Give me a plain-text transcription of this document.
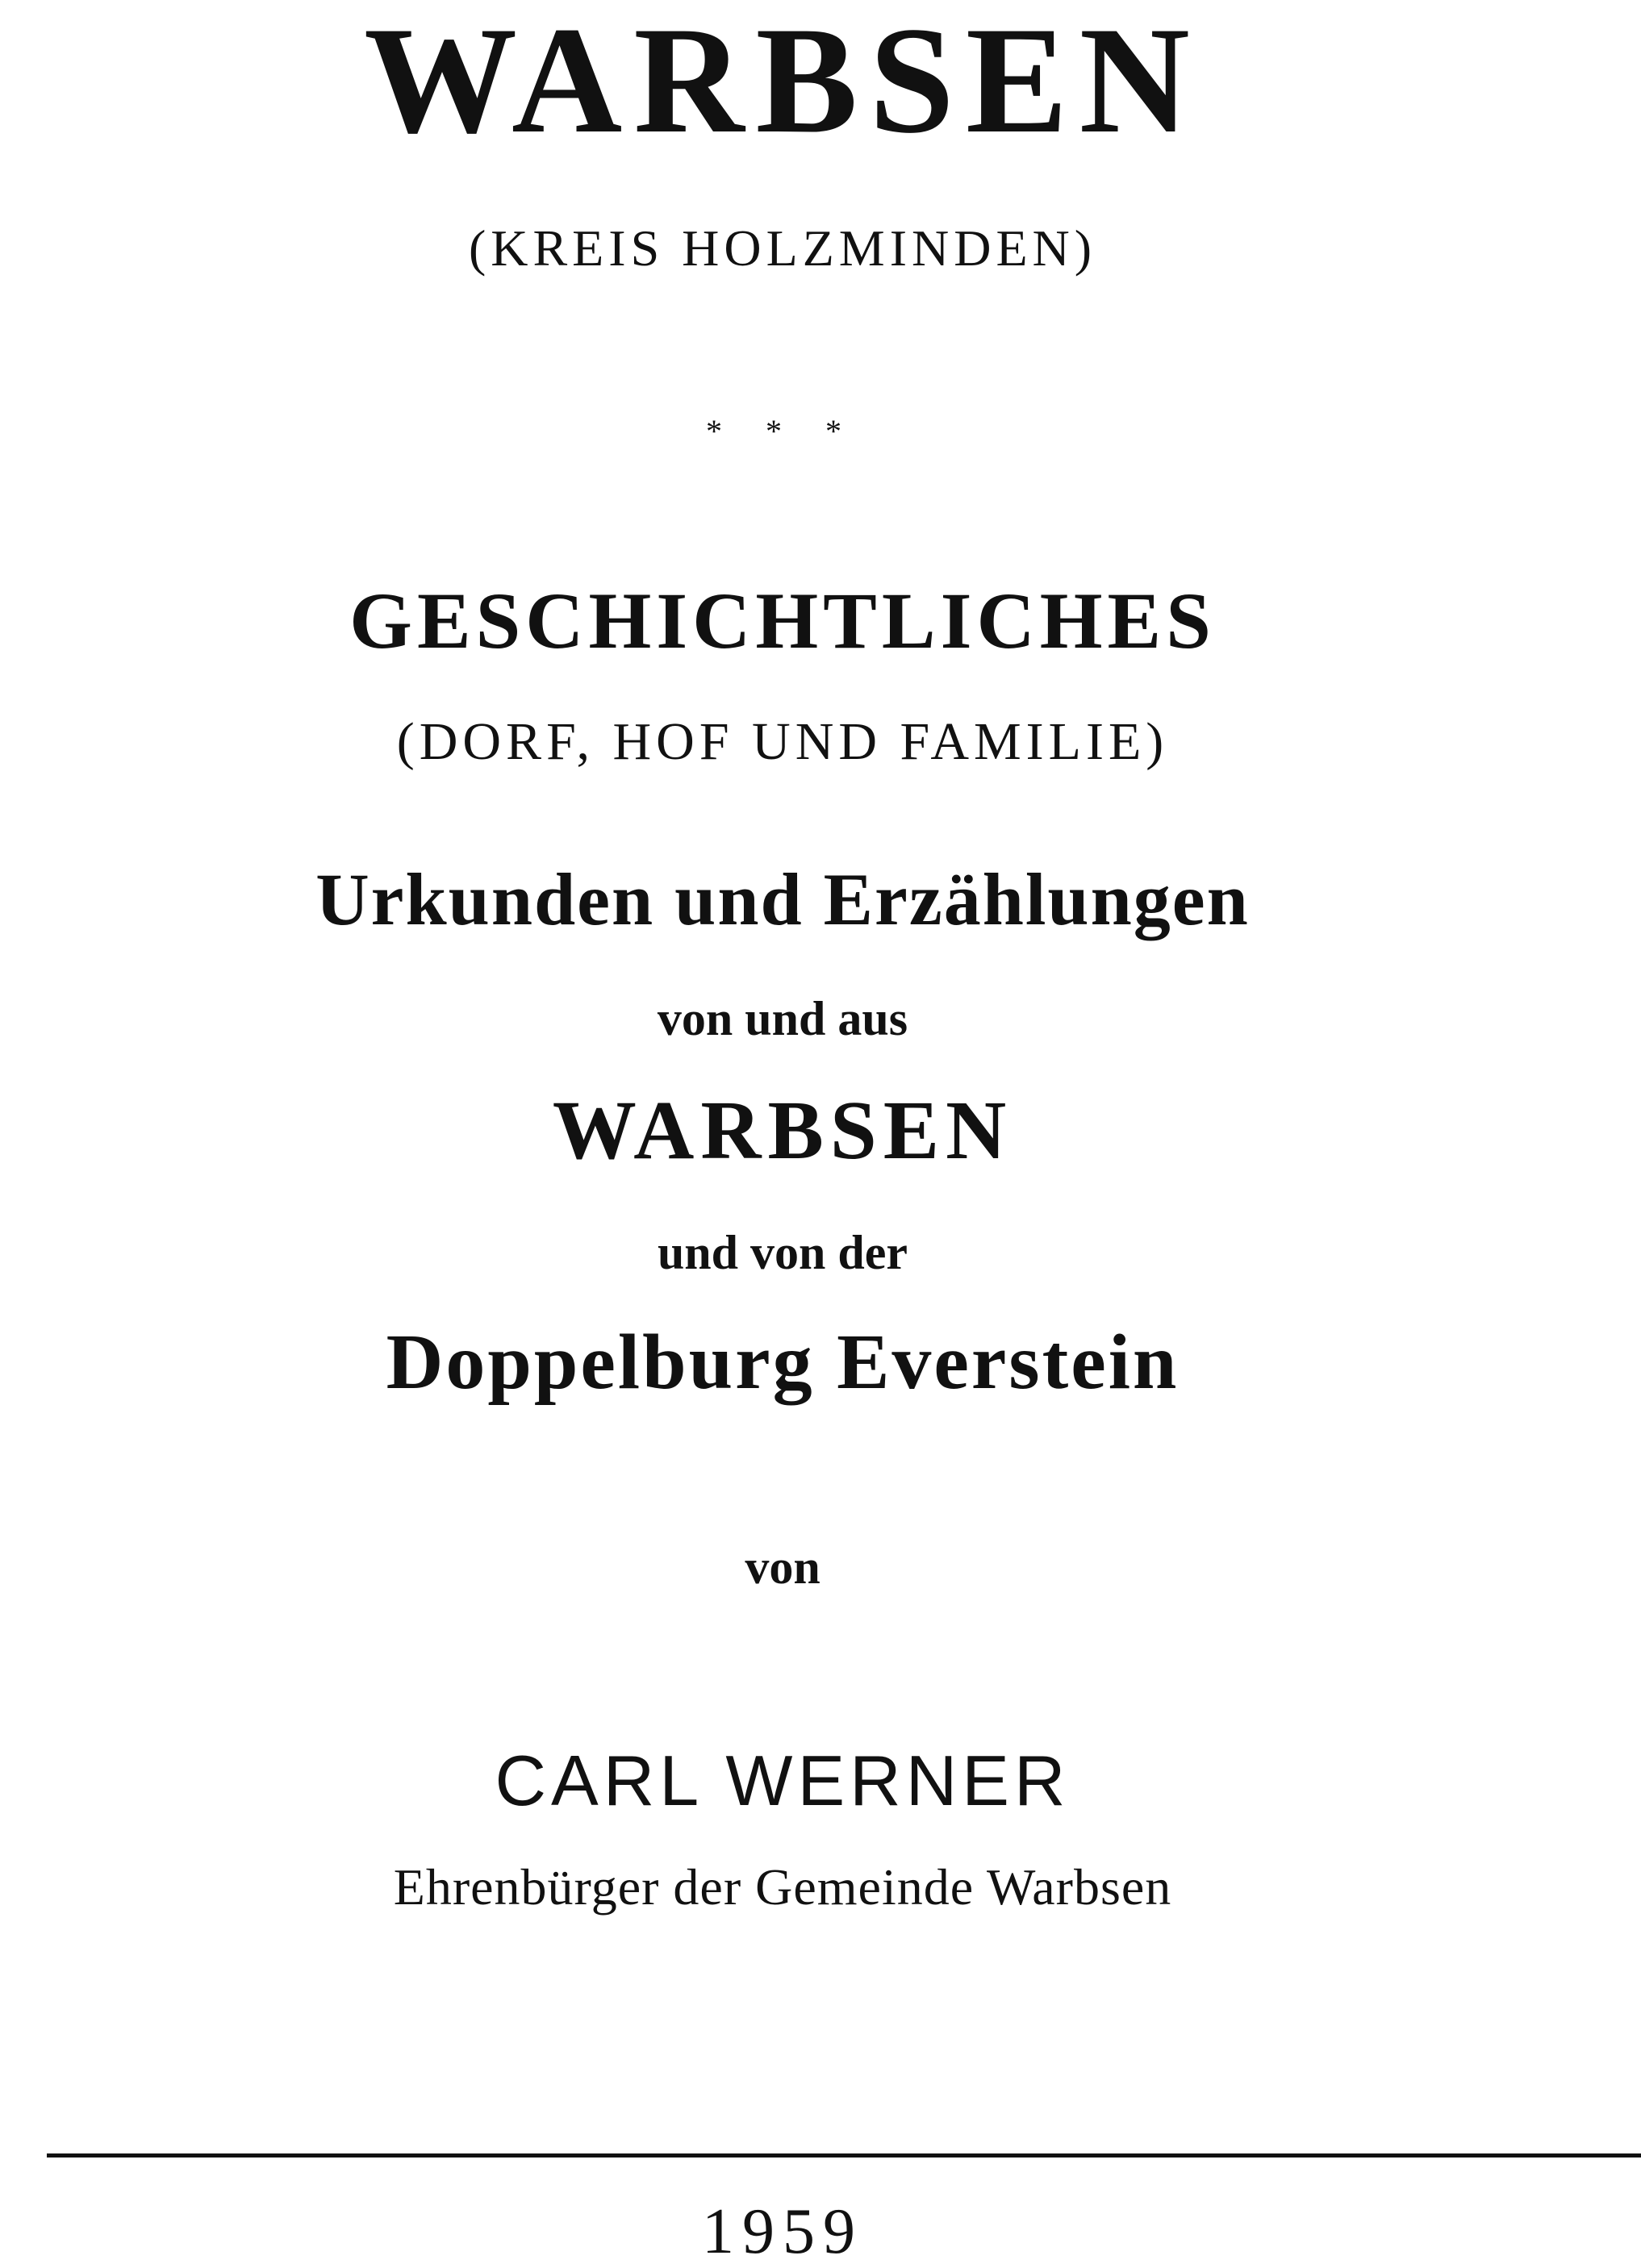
WARBSEN
(KREIS HOLZMINDEN)
* * *
GESCHICHTLICHES
(DORF, HOF UND FAMILIE)
Urkunden und Erzählungen
von und aus
WARBSEN
und von der
Doppelburg Everstein
von
CARL WERNER
Ehrenbürger der Gemeinde Warbsen
1959
